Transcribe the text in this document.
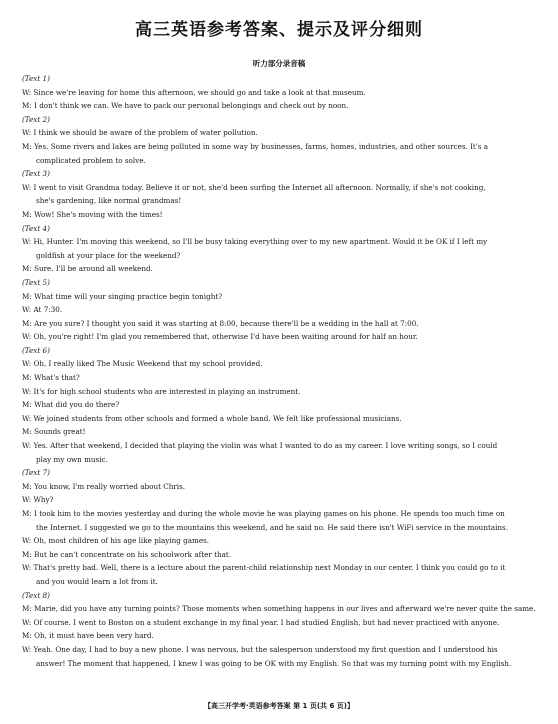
高三英语参考答案、提示及评分细则
听力部分录音稿
(Text 1)
W: Since we're leaving for home this afternoon, we should go and take a look at that museum.
M: I don't think we can. We have to pack our personal belongings and check out by noon.
(Text 2)
W: I think we should be aware of the problem of water pollution.
M: Yes. Some rivers and lakes are being polluted in some way by businesses, farms, homes, industries, and other sources. It's a
complicated problem to solve.
(Text 3)
W: I went to visit Grandma today. Believe it or not, she'd been surfing the Internet all afternoon. Normally, if she's not cooking,
she's gardening, like normal grandmas!
M: Wow! She's moving with the times!
(Text 4)
W: Hi, Hunter. I'm moving this weekend, so I'll be busy taking everything over to my new apartment. Would it be OK if I left my
goldfish at your place for the weekend?
M: Sure. I'll be around all weekend.
(Text 5)
M: What time will your singing practice begin tonight?
W: At 7:30.
M: Are you sure? I thought you said it was starting at 8:00, because there'll be a wedding in the hall at 7:00.
W: Oh, you're right! I'm glad you remembered that, otherwise I'd have been waiting around for half an hour.
(Text 6)
W: Oh, I really liked The Music Weekend that my school provided.
M: What's that?
W: It's for high school students who are interested in playing an instrument.
M: What did you do there?
W: We joined students from other schools and formed a whole band. We felt like professional musicians.
M: Sounds great!
W: Yes. After that weekend, I decided that playing the violin was what I wanted to do as my career. I love writing songs, so I could
play my own music.
(Text 7)
M: You know, I'm really worried about Chris.
W: Why?
M: I took him to the movies yesterday and during the whole movie he was playing games on his phone. He spends too much time on
the Internet. I suggested we go to the mountains this weekend, and he said no. He said there isn't WiFi service in the mountains.
W: Oh, most children of his age like playing games.
M: But he can't concentrate on his schoolwork after that.
W: That's pretty bad. Well, there is a lecture about the parent-child relationship next Monday in our center. I think you could go to it
and you would learn a lot from it.
(Text 8)
M: Marie, did you have any turning points? Those moments when something happens in our lives and afterward we're never quite the same.
W: Of course. I went to Boston on a student exchange in my final year. I had studied English, but had never practiced with anyone.
M: Oh, it must have been very hard.
W: Yeah. One day, I had to buy a new phone. I was nervous, but the salesperson understood my first question and I understood his
answer! The moment that happened, I knew I was going to be OK with my English. So that was my turning point with my English.
【高三开学考·英语参考答案 第 1 页(共 6 页)】
